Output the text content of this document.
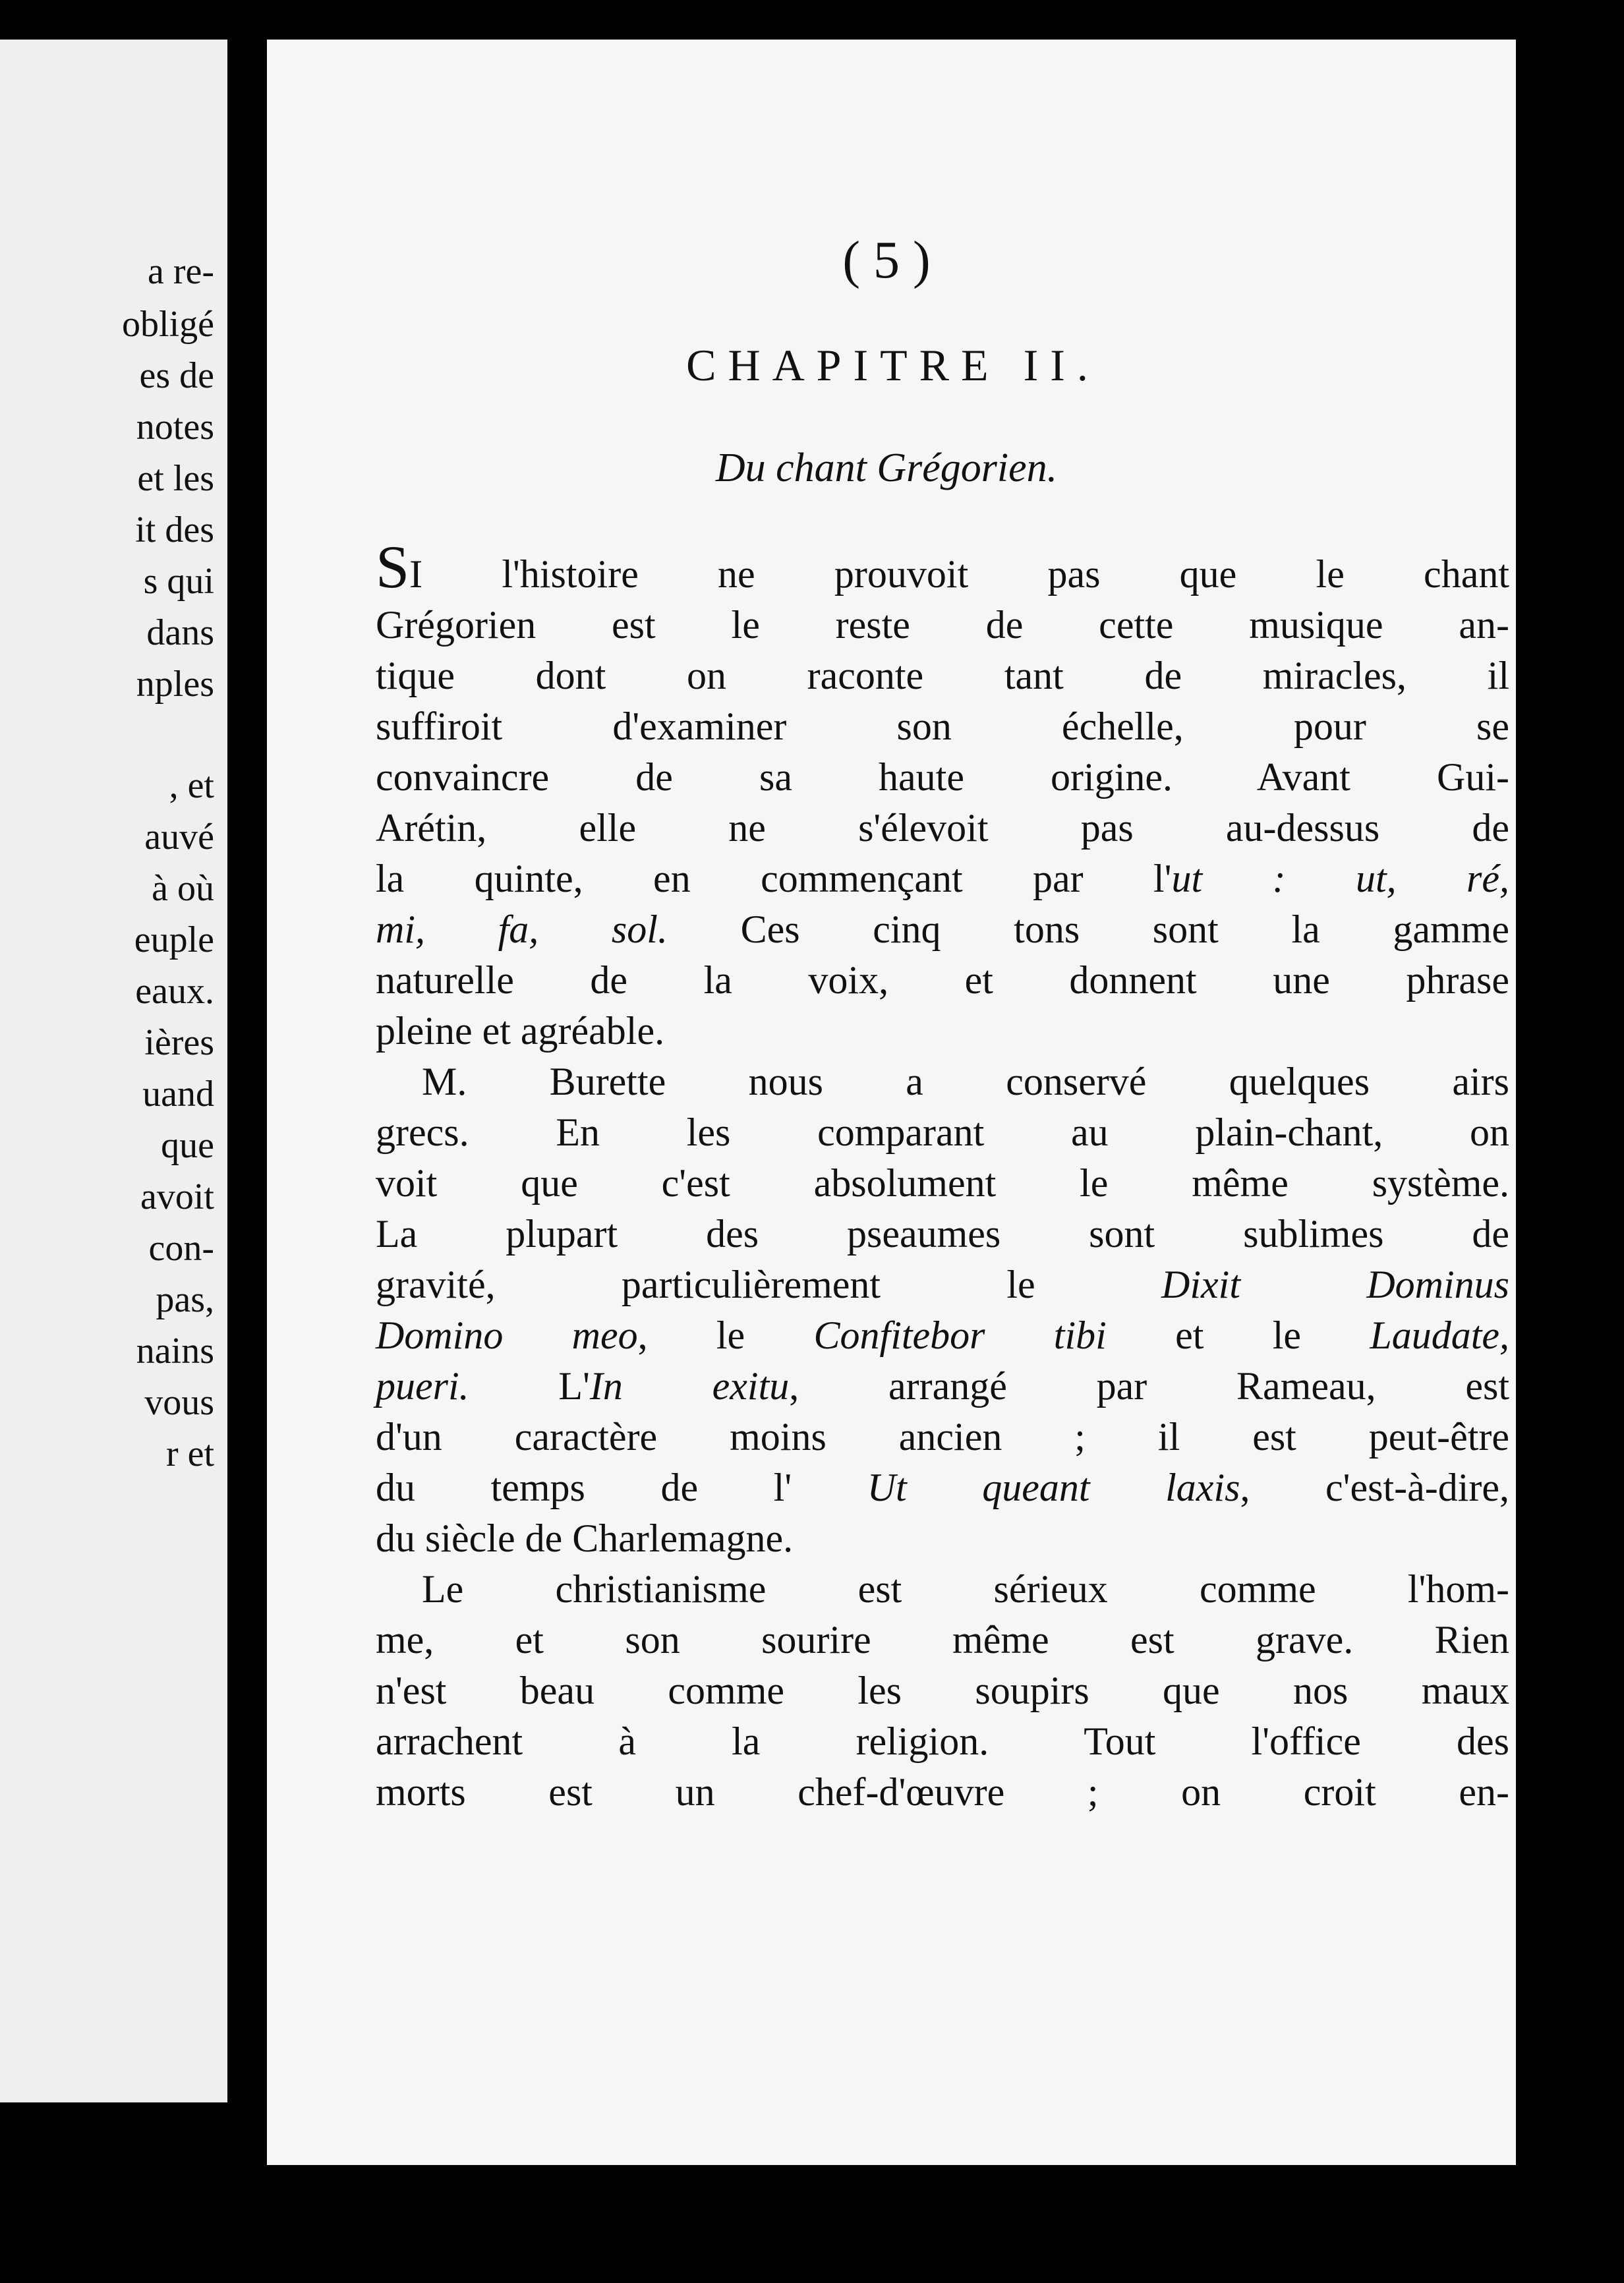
a re-
obligé
es de
notes
et les
it des
s qui
dans
nples
, et
auvé
à où
euple
eaux.
ières
uand
que
avoit
con-
pas,
nains
vous
r et
( 5 )
CHAPITRE II.
Du chant Grégorien.
SI l'histoire ne prouvoit pas que le chant
Grégorien est le reste de cette musique an-
tique dont on raconte tant de miracles, il
suffiroit d'examiner son échelle, pour se
convaincre de sa haute origine. Avant Gui-
Arétin, elle ne s'élevoit pas au-dessus de
la quinte, en commençant par l'ut : ut, ré,
mi, fa, sol. Ces cinq tons sont la gamme
naturelle de la voix, et donnent une phrase
pleine et agréable.
M. Burette nous a conservé quelques airs
grecs. En les comparant au plain-chant, on
voit que c'est absolument le même système.
La plupart des pseaumes sont sublimes de
gravité, particulièrement le Dixit Dominus
Domino meo, le Confitebor tibi et le Laudate,
pueri. L'In exitu, arrangé par Rameau, est
d'un caractère moins ancien ; il est peut-être
du temps de l' Ut queant laxis, c'est-à-dire,
du siècle de Charlemagne.
Le christianisme est sérieux comme l'hom-
me, et son sourire même est grave. Rien
n'est beau comme les soupirs que nos maux
arrachent à la religion. Tout l'office des
morts est un chef-d'œuvre ; on croit en-
